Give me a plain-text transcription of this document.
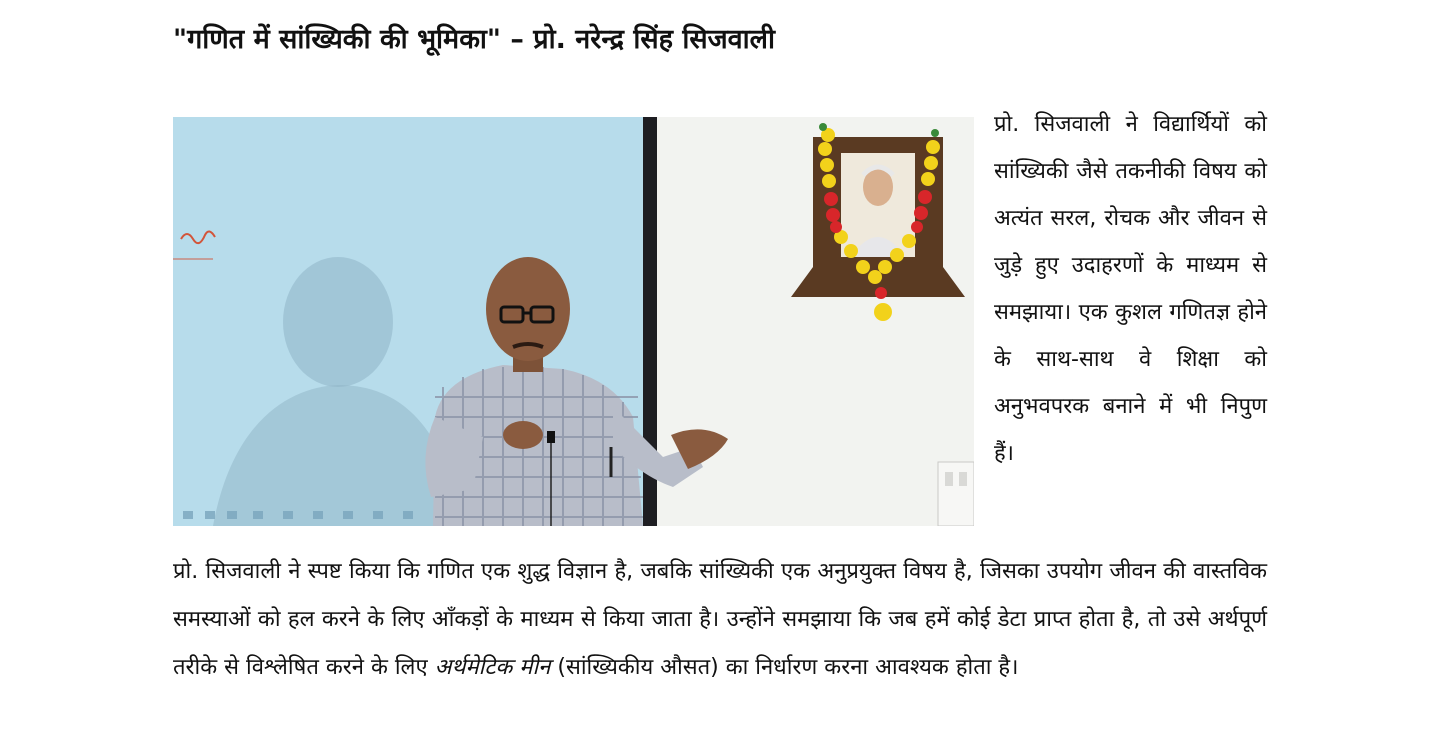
"गणित में सांख्यिकी की भूमिका" – प्रो. नरेन्द्र सिंह सिजवाली

प्रो. सिजवाली ने विद्यार्थियों को सांख्यिकी जैसे तकनीकी विषय को अत्यंत सरल, रोचक और जीवन से जुड़े हुए उदाहरणों के माध्यम से समझाया। एक कुशल गणितज्ञ होने के साथ-साथ वे शिक्षा को अनुभवपरक बनाने में भी निपुण हैं।

प्रो. सिजवाली ने स्पष्ट किया कि गणित एक शुद्ध विज्ञान है, जबकि सांख्यिकी एक अनुप्रयुक्त विषय है, जिसका उपयोग जीवन की वास्तविक समस्याओं को हल करने के लिए आँकड़ों के माध्यम से किया जाता है। उन्होंने समझाया कि जब हमें कोई डेटा प्राप्त होता है, तो उसे अर्थपूर्ण तरीके से विश्लेषित करने के लिए अर्थमेटिक मीन (सांख्यिकीय औसत) का निर्धारण करना आवश्यक होता है।
